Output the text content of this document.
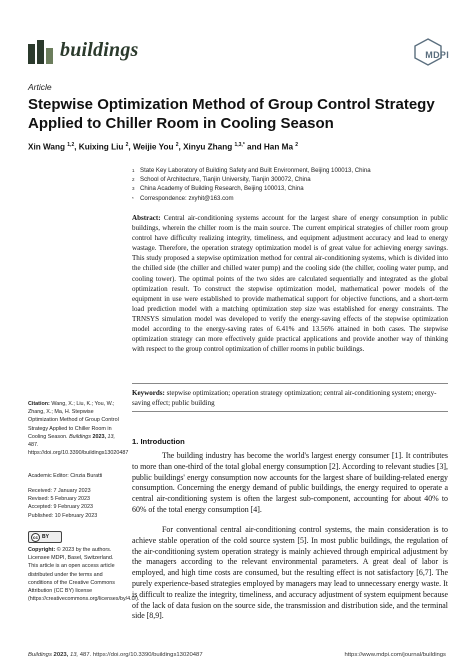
buildings	MDPI
Article
Stepwise Optimization Method of Group Control Strategy Applied to Chiller Room in Cooling Season
Xin Wang $^{1,2}$, Kuixing Liu $^2$, Weijie You $^2$, Xinyu Zhang $^{1,3,*}$ and Han Ma $^2$
1 State Key Laboratory of Building Safety and Built Environment, Beijing 100013, China
2 School of Architecture, Tianjin University, Tianjin 300072, China
3 China Academy of Building Research, Beijing 100013, China
*	Correspondence: zxyhit@163.com
Abstract: Central air-conditioning systems account for the largest share of energy consumption in public buildings, wherein the chiller room is the main source. The current empirical strategies of chiller room group control have difficulty realizing integrity, timeliness, and equipment adjustment accuracy and lead to energy wastage. Therefore, the operation strategy optimization model is of great value for achieving energy savings. This study proposed a stepwise optimization method for central air-conditioning systems, which is divided into the chilled side (the chiller and chilled water pump) and the cooling side (the chiller, cooling water pump, and cooling tower). The optimal points of the two sides are calculated sequentially and integrated as the global optimization result. To construct the stepwise optimization model, mathematical power models of the equipment in use were established to provide mathematical support for objective functions, and a short-term load prediction model with a matching optimization step size was established for energy constraints. The TRNSYS simulation model was developed to verify the energy-saving effects of the stepwise optimization model according to the energy-saving rates of 6.41% and 13.56% attained in both cases. The stepwise optimization strategy can more effectively guide practical applications and provide another way of thinking with respect to the group control optimization of chiller rooms in public buildings.
Keywords: stepwise optimization; operation strategy optimization; central air-conditioning system; energy-saving effect; public building
Citation: Wang, X.; Liu, K.; You, W.; Zhang, X.; Ma, H. Stepwise Optimization Method of Group Control Strategy Applied to Chiller Room in Cooling Season. Buildings 2023, 13, 487. https://doi.org/10.3390/buildings13020487
Academic Editor: Cinzia Buratti
Received: 7 January 2023
Revised: 5 February 2023
Accepted: 9 February 2023
Published: 10 February 2023
cc BY
Copyright: © 2023 by the authors. Licensee MDPI, Basel, Switzerland. This article is an open access article distributed under the terms and conditions of the Creative Commons Attribution (CC BY) license (https://creativecommons.org/licenses/by/4.0/).
1. Introduction
The building industry has become the world's largest energy consumer [1]. It contributes to more than one-third of the total global energy consumption [2]. According to relevant studies [3], public buildings' energy consumption now accounts for the largest share of building-related energy consumption. Concerning the energy demand of public buildings, the energy required to operate a central air-conditioning system is often the largest sub-component, accounting for about 40% to 60% of the total energy consumption [4].
For conventional central air-conditioning control systems, the main consideration is to achieve stable operation of the cold source system [5]. In most public buildings, the regulation of the air-conditioning system operation strategy is mainly achieved through empirical adjustment by the managers according to the relevant environmental parameters. A great deal of labor is employed, and high time costs are consumed, but the resulting effect is not satisfactory [6,7]. The purely experience-based strategies employed by managers may lead to unnecessary energy waste. It is difficult to realize the integrity, timeliness, and accuracy adjustment of system equipment because of the lack of data fusion on the source side, the transmission and distribution side, and the terminal side [8,9].
Buildings 2023, 13, 487. https://doi.org/10.3390/buildings13020487	https://www.mdpi.com/journal/buildings
